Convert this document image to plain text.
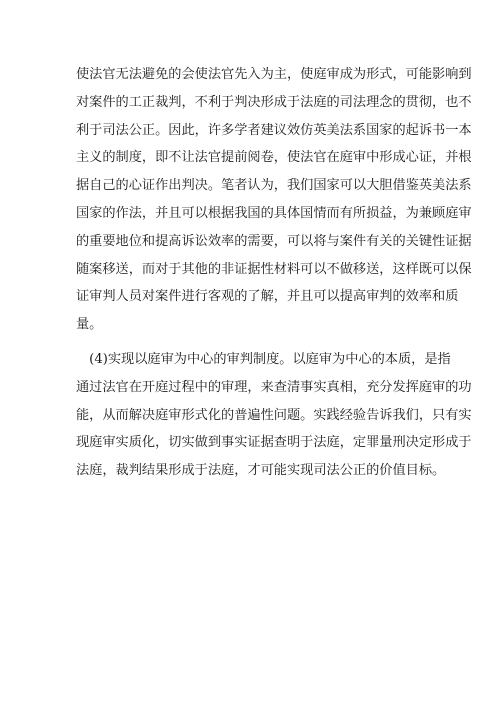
使法官无法避免的会使法官先入为主，使庭审成为形式，可能影响到
对案件的工正裁判，不利于判决形成于法庭的司法理念的贯彻，也不
利于司法公正。因此，许多学者建议效仿英美法系国家的起诉书一本
主义的制度，即不让法官提前阅卷，使法官在庭审中形成心证，并根
据自己的心证作出判决。笔者认为，我们国家可以大胆借鉴英美法系
国家的作法，并且可以根据我国的具体国情而有所损益，为兼顾庭审
的重要地位和提高诉讼效率的需要，可以将与案件有关的关键性证据
随案移送，而对于其他的非证据性材料可以不做移送，这样既可以保
证审判人员对案件进行客观的了解，并且可以提高审判的效率和质
量。
　(4)实现以庭审为中心的审判制度。以庭审为中心的本质，是指
通过法官在开庭过程中的审理，来查清事实真相，充分发挥庭审的功
能，从而解决庭审形式化的普遍性问题。实践经验告诉我们，只有实
现庭审实质化，切实做到事实证据查明于法庭，定罪量刑决定形成于
法庭，裁判结果形成于法庭，才可能实现司法公正的价值目标。
